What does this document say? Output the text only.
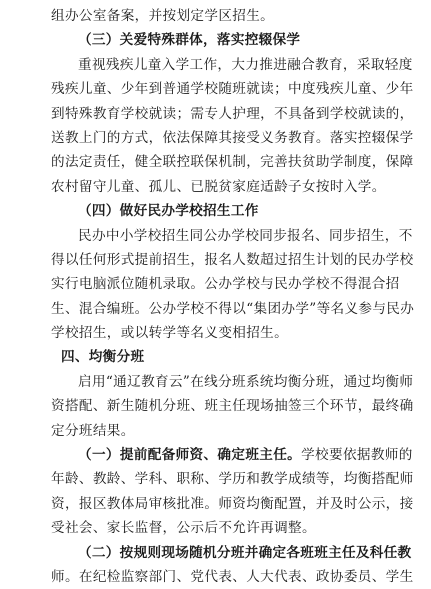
组办公室备案，并按划定学区招生。
（三）关爱特殊群体，落实控辍保学
重视残疾儿童入学工作，大力推进融合教育，采取轻度
残疾儿童、少年到普通学校随班就读；中度残疾儿童、少年
到特殊教育学校就读；需专人护理，不具备到学校就读的，
送教上门的方式，依法保障其接受义务教育。落实控辍保学
的法定责任，健全联控联保机制，完善扶贫助学制度，保障
农村留守儿童、孤儿、已脱贫家庭适龄子女按时入学。
（四）做好民办学校招生工作
民办中小学校招生同公办学校同步报名、同步招生，不
得以任何形式提前招生，报名人数超过招生计划的民办学校
实行电脑派位随机录取。公办学校与民办学校不得混合招
生、混合编班。公办学校不得以“集团办学”等名义参与民办
学校招生，或以转学等名义变相招生。
四、均衡分班
启用“通辽教育云”在线分班系统均衡分班，通过均衡师
资搭配、新生随机分班、班主任现场抽签三个环节，最终确
定分班结果。
（一）提前配备师资、确定班主任。学校要依据教师的
年龄、教龄、学科、职称、学历和教学成绩等，均衡搭配师
资，报区教体局审核批准。师资均衡配置，并及时公示，接
受社会、家长监督，公示后不允许再调整。
（二）按规则现场随机分班并确定各班班主任及科任教
师。在纪检监察部门、党代表、人大代表、政协委员、学生
